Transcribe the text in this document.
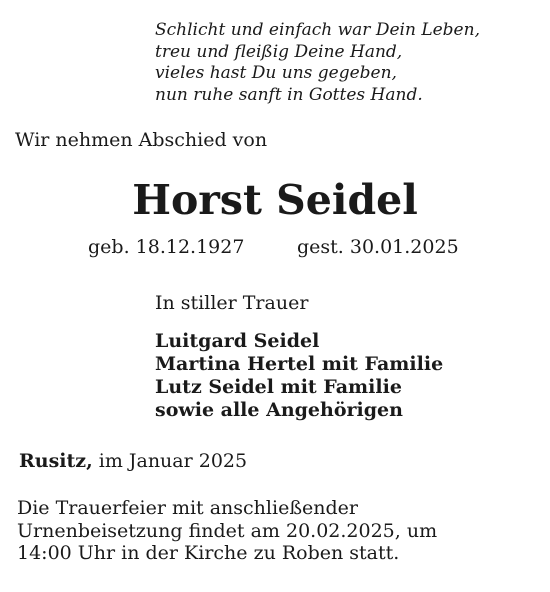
Schlicht und einfach war Dein Leben,
treu und fleißig Deine Hand,
vieles hast Du uns gegeben,
nun ruhe sanft in Gottes Hand.
Wir nehmen Abschied von
Horst Seidel
geb. 18.12.1927	gest. 30.01.2025
In stiller Trauer
Luitgard Seidel
Martina Hertel mit Familie
Lutz Seidel mit Familie
sowie alle Angehörigen
Rusitz, im Januar 2025
Die Trauerfeier mit anschließender
Urnenbeisetzung findet am 20.02.2025, um
14:00 Uhr in der Kirche zu Roben statt.
